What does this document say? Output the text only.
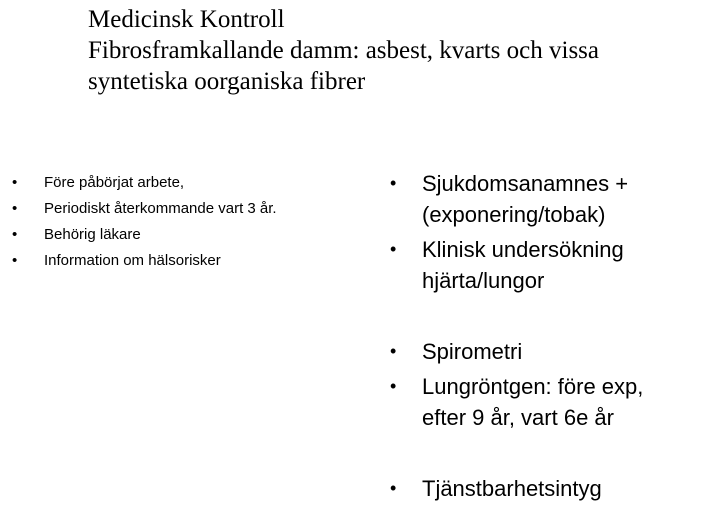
Medicinsk Kontroll
Fibrosframkallande damm: asbest, kvarts och vissa
syntetiska oorganiska fibrer
• Före påbörjat arbete,
• Periodiskt återkommande vart 3 år.
• Behörig läkare
• Information om hälsorisker
• Sjukdomsanamnes +
(exponering/tobak)
• Klinisk undersökning
hjärta/lungor
• Spirometri
• Lungröntgen: före exp,
efter 9 år, vart 6e år
• Tjänstbarhetsintyg
